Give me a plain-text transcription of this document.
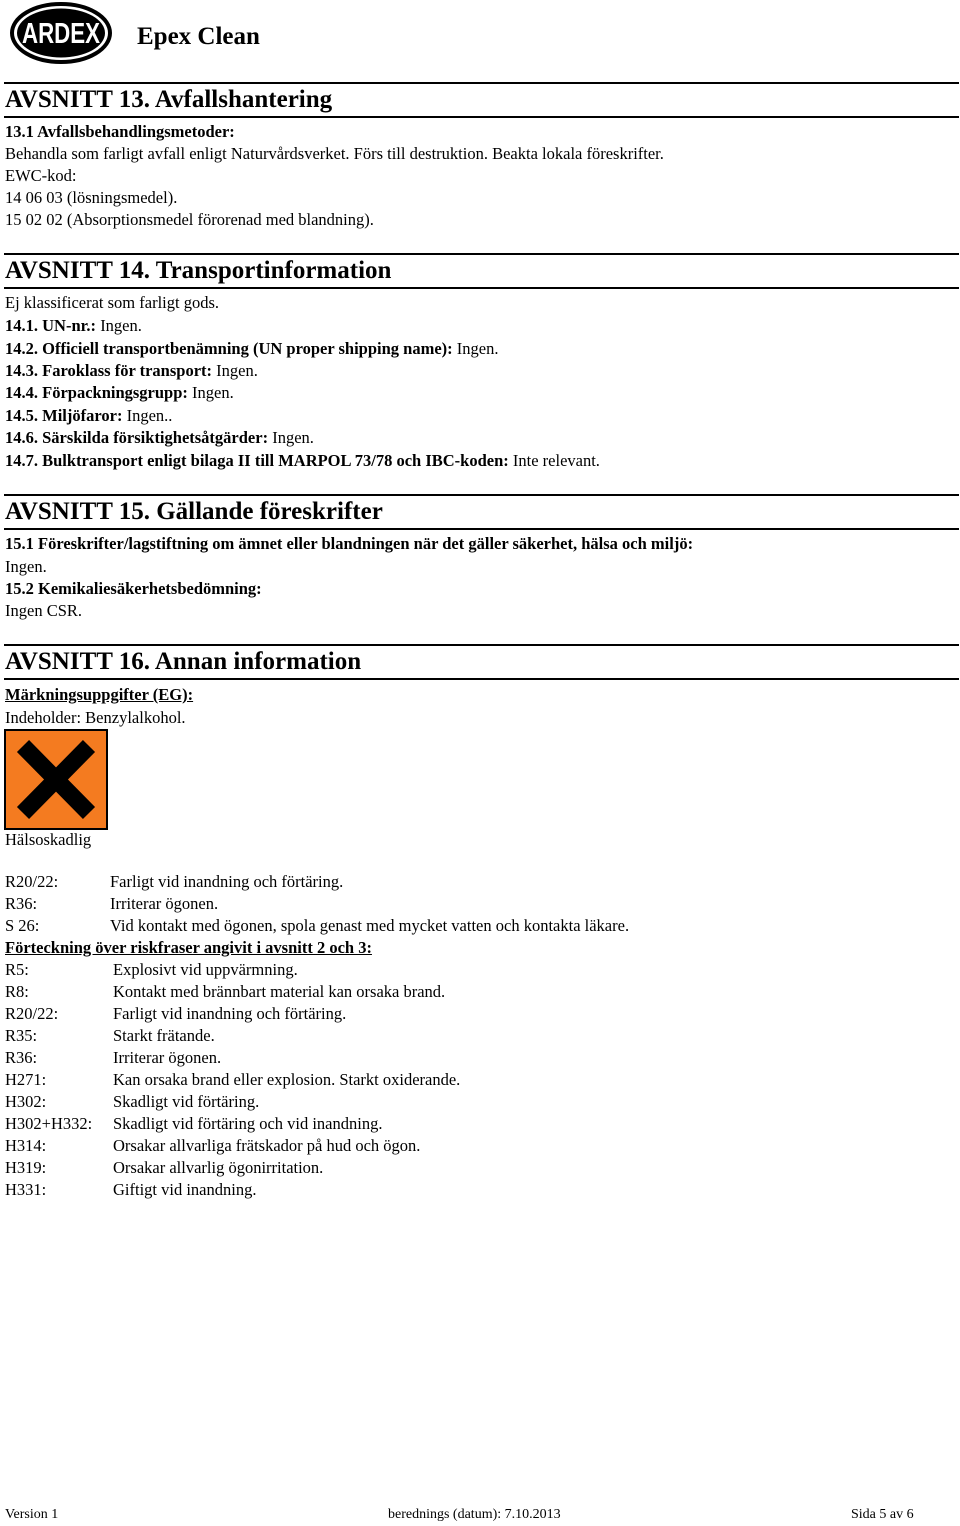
ARDEX Epex Clean
AVSNITT 13. Avfallshantering
13.1 Avfallsbehandlingsmetoder:
Behandla som farligt avfall enligt Naturvårdsverket. Förs till destruktion. Beakta lokala föreskrifter.
EWC-kod:
14 06 03 (lösningsmedel).
15 02 02 (Absorptionsmedel förorenad med blandning).
AVSNITT 14. Transportinformation
Ej klassificerat som farligt gods.
14.1. UN-nr.: Ingen.
14.2. Officiell transportbenämning (UN proper shipping name): Ingen.
14.3. Faroklass för transport: Ingen.
14.4. Förpackningsgrupp: Ingen.
14.5. Miljöfaror: Ingen..
14.6. Särskilda försiktighetsåtgärder: Ingen.
14.7. Bulktransport enligt bilaga II till MARPOL 73/78 och IBC-koden: Inte relevant.
AVSNITT 15. Gällande föreskrifter
15.1 Föreskrifter/lagstiftning om ämnet eller blandningen när det gäller säkerhet, hälsa och miljö:
Ingen.
15.2 Kemikaliesäkerhetsbedömning:
Ingen CSR.
AVSNITT 16. Annan information
Märkningsuppgifter (EG):
Indeholder: Benzylalkohol.
Hälsoskadlig
R20/22:	Farligt vid inandning och förtäring.
R36:	Irriterar ögonen.
S 26:	Vid kontakt med ögonen, spola genast med mycket vatten och kontakta läkare.
Förteckning över riskfraser angivit i avsnitt 2 och 3:
R5:	Explosivt vid uppvärmning.
R8:	Kontakt med brännbart material kan orsaka brand.
R20/22:	Farligt vid inandning och förtäring.
R35:	Starkt frätande.
R36:	Irriterar ögonen.
H271:	Kan orsaka brand eller explosion. Starkt oxiderande.
H302:	Skadligt vid förtäring.
H302+H332: Skadligt vid förtäring och vid inandning.
H314:	Orsakar allvarliga frätskador på hud och ögon.
H319:	Orsakar allvarlig ögonirritation.
H331:	Giftigt vid inandning.
Version 1	berednings (datum): 7.10.2013	Sida 5 av 6
